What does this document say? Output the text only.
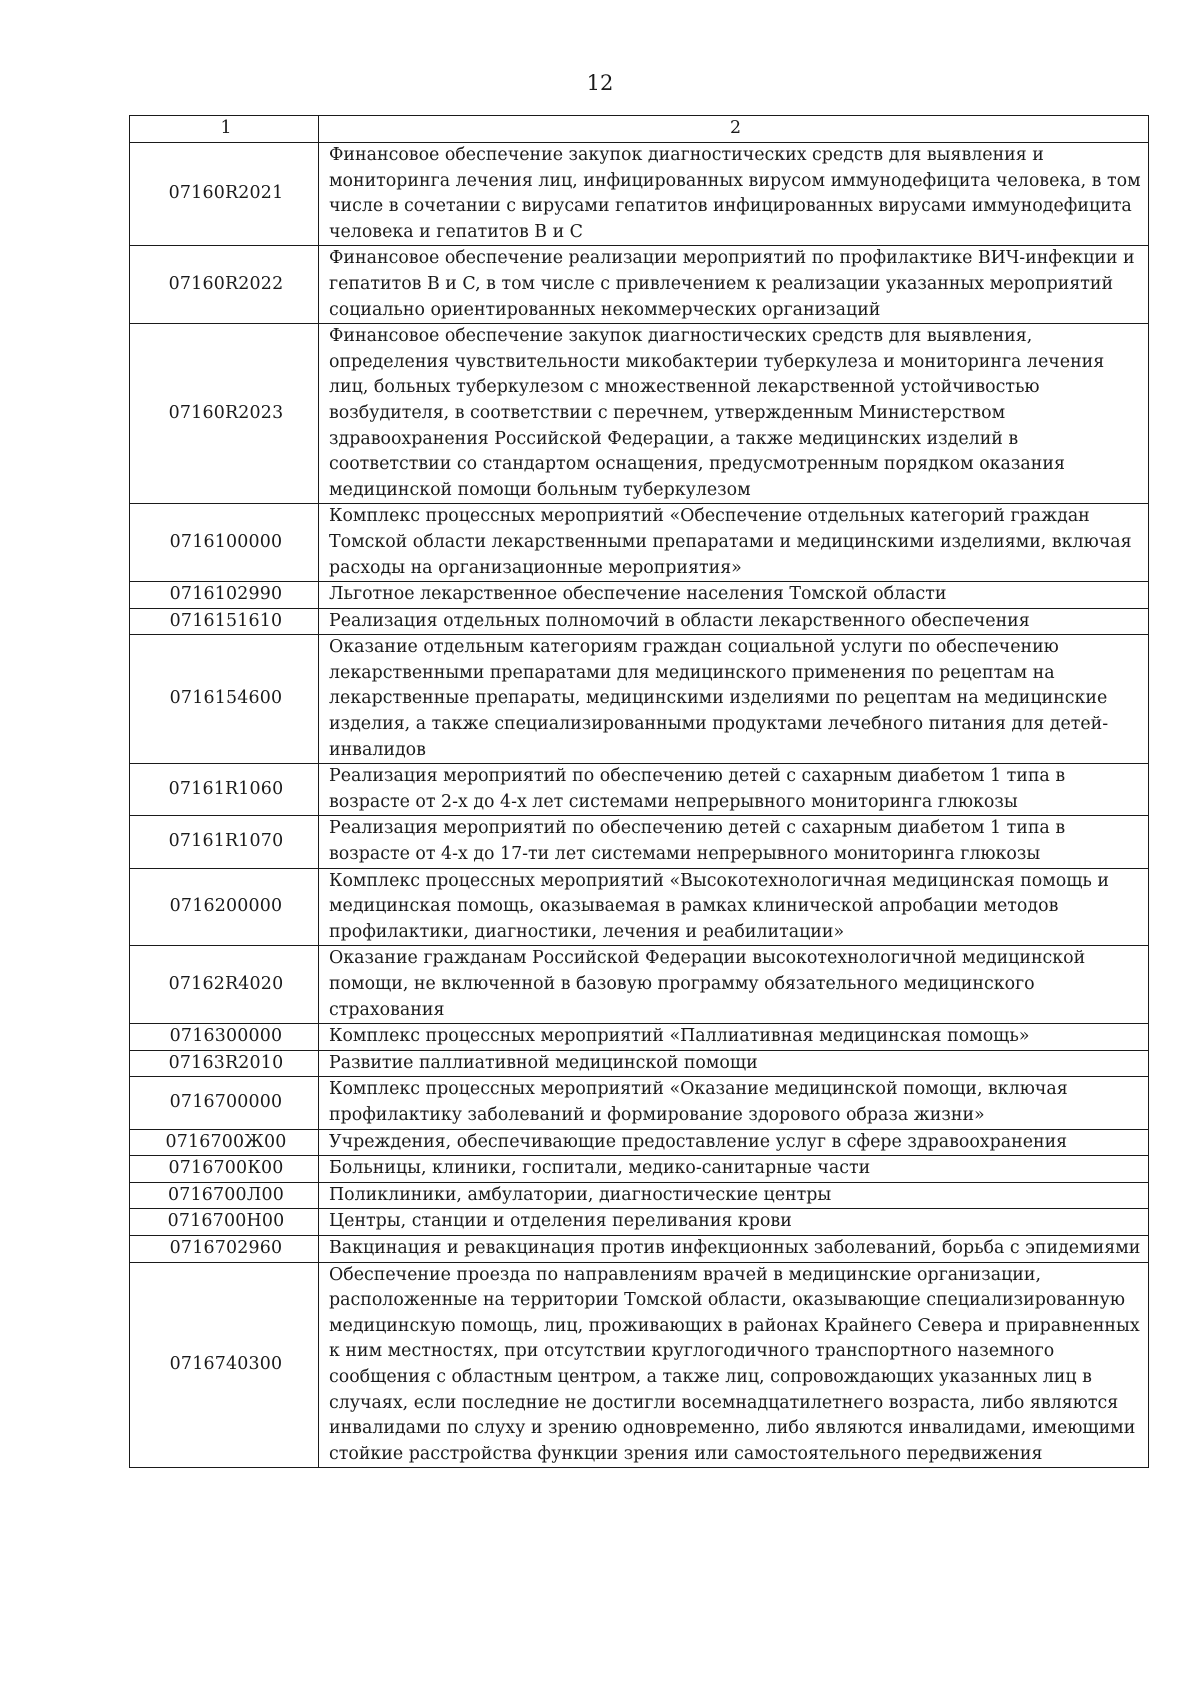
12
1	2
07160R2021	Финансовое обеспечение закупок диагностических средств для выявления и мониторинга лечения лиц, инфицированных вирусом иммунодефицита человека, в том числе в сочетании с вирусами гепатитов инфицированных вирусами иммунодефицита человека и гепатитов B и C
07160R2022	Финансовое обеспечение реализации мероприятий по профилактике ВИЧ-инфекции и гепатитов B и C, в том числе с привлечением к реализации указанных мероприятий социально ориентированных некоммерческих организаций
07160R2023	Финансовое обеспечение закупок диагностических средств для выявления, определения чувствительности микобактерии туберкулеза и мониторинга лечения лиц, больных туберкулезом с множественной лекарственной устойчивостью возбудителя, в соответствии с перечнем, утвержденным Министерством здравоохранения Российской Федерации, а также медицинских изделий в соответствии со стандартом оснащения, предусмотренным порядком оказания медицинской помощи больным туберкулезом
0716100000	Комплекс процессных мероприятий «Обеспечение отдельных категорий граждан Томской области лекарственными препаратами и медицинскими изделиями, включая расходы на организационные мероприятия»
0716102990	Льготное лекарственное обеспечение населения Томской области
0716151610	Реализация отдельных полномочий в области лекарственного обеспечения
0716154600	Оказание отдельным категориям граждан социальной услуги по обеспечению лекарственными препаратами для медицинского применения по рецептам на лекарственные препараты, медицинскими изделиями по рецептам на медицинские изделия, а также специализированными продуктами лечебного питания для детей-инвалидов
07161R1060	Реализация мероприятий по обеспечению детей с сахарным диабетом 1 типа в возрасте от 2-х до 4-х лет системами непрерывного мониторинга глюкозы
07161R1070	Реализация мероприятий по обеспечению детей с сахарным диабетом 1 типа в возрасте от 4-х до 17-ти лет системами непрерывного мониторинга глюкозы
0716200000	Комплекс процессных мероприятий «Высокотехнологичная медицинская помощь и медицинская помощь, оказываемая в рамках клинической апробации методов профилактики, диагностики, лечения и реабилитации»
07162R4020	Оказание гражданам Российской Федерации высокотехнологичной медицинской помощи, не включенной в базовую программу обязательного медицинского страхования
0716300000	Комплекс процессных мероприятий «Паллиативная медицинская помощь»
07163R2010	Развитие паллиативной медицинской помощи
0716700000	Комплекс процессных мероприятий «Оказание медицинской помощи, включая профилактику заболеваний и формирование здорового образа жизни»
0716700Ж00	Учреждения, обеспечивающие предоставление услуг в сфере здравоохранения
0716700К00	Больницы, клиники, госпитали, медико-санитарные части
0716700Л00	Поликлиники, амбулатории, диагностические центры
0716700Н00	Центры, станции и отделения переливания крови
0716702960	Вакцинация и ревакцинация против инфекционных заболеваний, борьба с эпидемиями
0716740300	Обеспечение проезда по направлениям врачей в медицинские организации, расположенные на территории Томской области, оказывающие специализированную медицинскую помощь, лиц, проживающих в районах Крайнего Севера и приравненных к ним местностях, при отсутствии круглогодичного транспортного наземного сообщения с областным центром, а также лиц, сопровождающих указанных лиц в случаях, если последние не достигли восемнадцатилетнего возраста, либо являются инвалидами по слуху и зрению одновременно, либо являются инвалидами, имеющими стойкие расстройства функции зрения или самостоятельного передвижения
